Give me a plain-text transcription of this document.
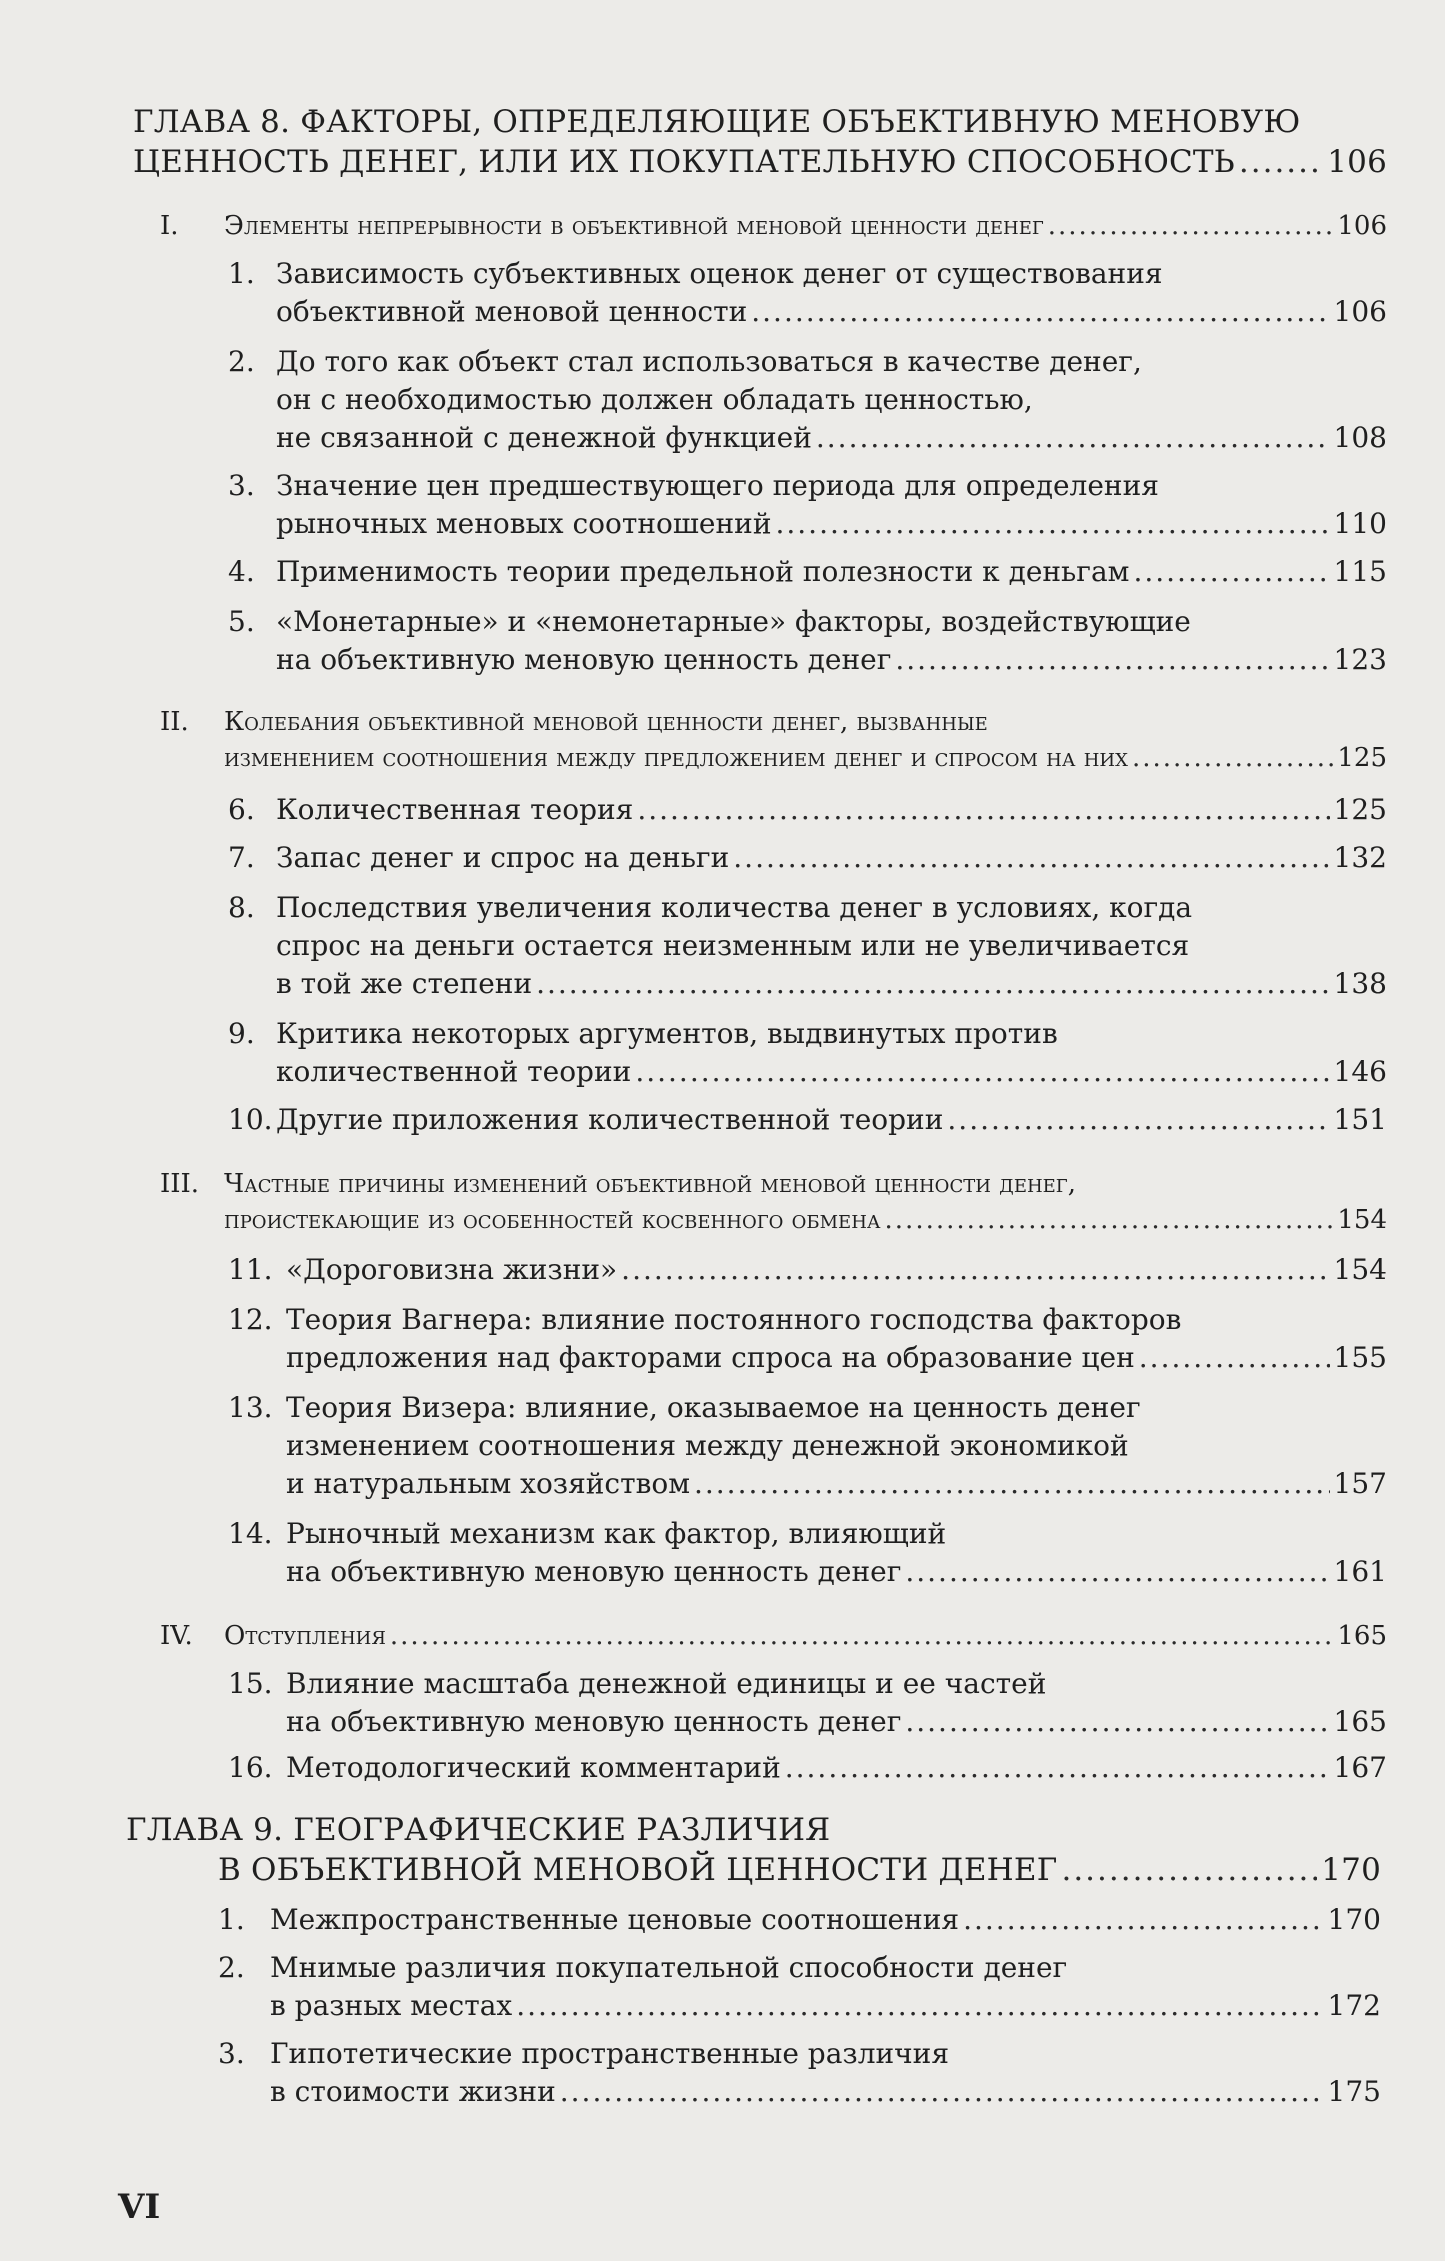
ГЛАВА 8. ФАКТОРЫ, ОПРЕДЕЛЯЮЩИЕ ОБЪЕКТИВНУЮ МЕНОВУЮ
ЦЕННОСТЬ ДЕНЕГ, ИЛИ ИХ ПОКУПАТЕЛЬНУЮ СПОСОБНОСТЬ .....	106
I. Элементы непрерывности в объективной меновой ценности денег .....	106
1. Зависимость субъективных оценок денег от существования
объективной меновой ценности .....	106
2. До того как объект стал использоваться в качестве денег,
он с необходимостью должен обладать ценностью,
не связанной с денежной функцией .....	108
3. Значение цен предшествующего периода для определения
рыночных меновых соотношений .....	110
4. Применимость теории предельной полезности к деньгам .....	115
5. «Монетарные» и «немонетарные» факторы, воздействующие
на объективную меновую ценность денег .....	123
II. Колебания объективной меновой ценности денег, вызванные
изменением соотношения между предложением денег и спросом на них .....	125
6. Количественная теория .....	125
7. Запас денег и спрос на деньги .....	132
8. Последствия увеличения количества денег в условиях, когда
спрос на деньги остается неизменным или не увеличивается
в той же степени .....	138
9. Критика некоторых аргументов, выдвинутых против
количественной теории .....	146
10. Другие приложения количественной теории .....	151
III. Частные причины изменений объективной меновой ценности денег,
проистекающие из особенностей косвенного обмена .....	154
11. «Дороговизна жизни» .....	154
12. Теория Вагнера: влияние постоянного господства факторов
предложения над факторами спроса на образование цен .....	155
13. Теория Визера: влияние, оказываемое на ценность денег
изменением соотношения между денежной экономикой
и натуральным хозяйством .....	157
14. Рыночный механизм как фактор, влияющий
на объективную меновую ценность денег .....	161
IV. Отступления .....	165
15. Влияние масштаба денежной единицы и ее частей
на объективную меновую ценность денег .....	165
16. Методологический комментарий .....	167
ГЛАВА 9. ГЕОГРАФИЧЕСКИЕ РАЗЛИЧИЯ
В ОБЪЕКТИВНОЙ МЕНОВОЙ ЦЕННОСТИ ДЕНЕГ .....	170
1. Межпространственные ценовые соотношения .....	170
2. Мнимые различия покупательной способности денег
в разных местах .....	172
3. Гипотетические пространственные различия
в стоимости жизни .....	175
VI
